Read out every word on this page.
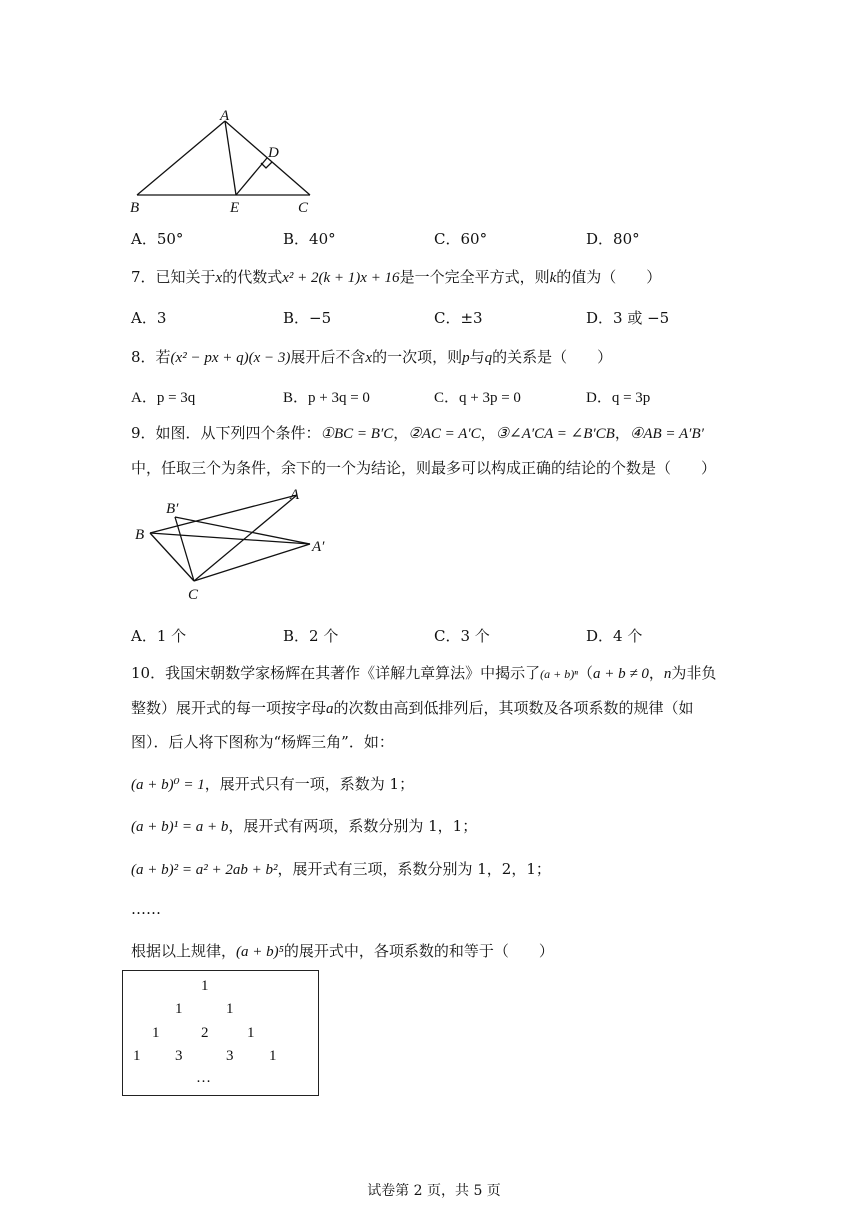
A
D
B	E	C
A．50°	B．40°	C．60°	D．80°
7．已知关于x的代数式x² + 2(k + 1)x + 16是一个完全平方式，则k的值为（　　）
A．3	B．−5	C．±3	D．3 或 −5
8．若(x² − px + q)(x − 3)展开后不含x的一次项，则p与q的关系是（　　）
A．p = 3q	B．p + 3q = 0	C．q + 3p = 0	D．q = 3p
9．如图．从下列四个条件：①BC = B′C，②AC = A′C，③∠A′CA = ∠B′CB，④AB = A′B′
中，任取三个为条件，余下的一个为结论，则最多可以构成正确的结论的个数是（　　）
A
B′
B
A′
C
A．1 个	B．2 个	C．3 个	D．4 个
10．我国宋朝数学家杨辉在其著作《详解九章算法》中揭示了(a + b)ⁿ（a + b ≠ 0，n为非负
整数）展开式的每一项按字母a的次数由高到低排列后，其项数及各项系数的规律（如
图）．后人将下图称为“杨辉三角”．如：
(a + b)⁰ = 1，展开式只有一项，系数为 1；
(a + b)¹ = a + b，展开式有两项，系数分别为 1，1；
(a + b)² = a² + 2ab + b²，展开式有三项，系数分别为 1，2，1；
……
根据以上规律，(a + b)⁵的展开式中，各项系数的和等于（　　）
1
1	1
1	2	1
1 3	3 1
…
试卷第 2 页，共 5 页
